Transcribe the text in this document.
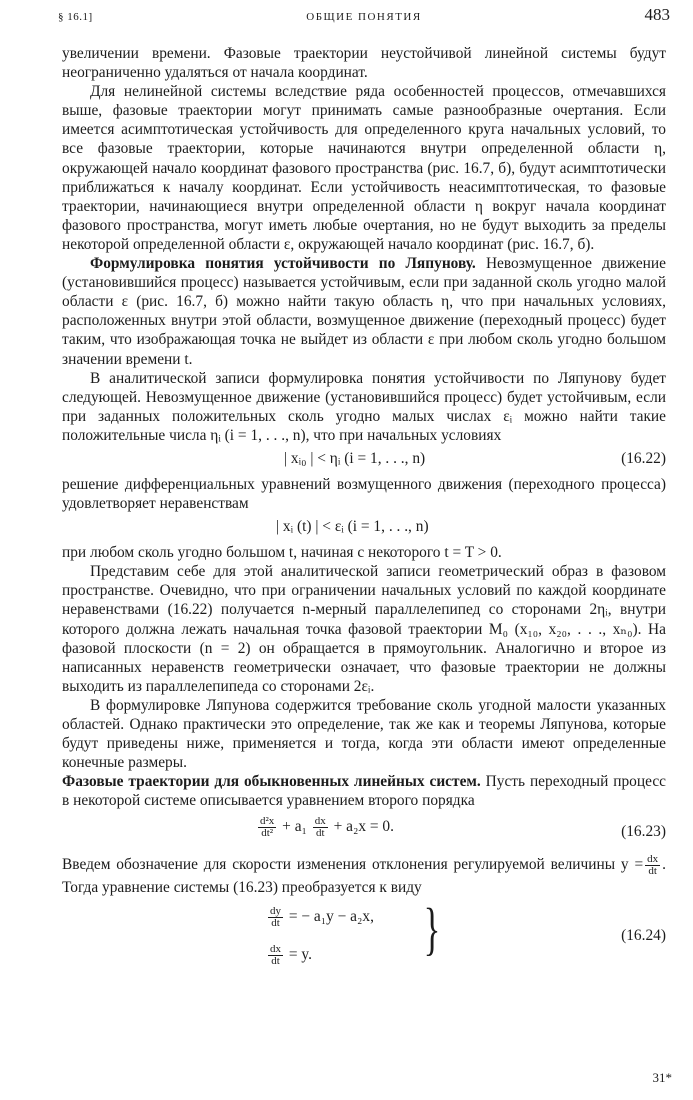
§ 16.1]	ОБЩИЕ ПОНЯТИЯ	483

увеличении времени. Фазовые траектории неустойчивой линейной системы будут неограниченно удаляться от начала координат.

Для нелинейной системы вследствие ряда особенностей процессов, отмечавшихся выше, фазовые траектории могут принимать самые разнообразные очертания. Если имеется асимптотическая устойчивость для определенного круга начальных условий, то все фазовые траектории, которые начинаются внутри определенной области η, окружающей начало координат фазового пространства (рис. 16.7, б), будут асимптотически приближаться к началу координат. Если устойчивость неасимптотическая, то фазовые траектории, начинающиеся внутри определенной области η вокруг начала координат фазового пространства, могут иметь любые очертания, но не будут выходить за пределы некоторой определенной области ε, окружающей начало координат (рис. 16.7, б).

Формулировка понятия устойчивости по Ляпунову. Невозмущенное движение (установившийся процесс) называется устойчивым, если при заданной сколь угодно малой области ε (рис. 16.7, б) можно найти такую область η, что при начальных условиях, расположенных внутри этой области, возмущенное движение (переходный процесс) будет таким, что изображающая точка не выйдет из области ε при любом сколь угодно большом значении времени t.

В аналитической записи формулировка понятия устойчивости по Ляпунову будет следующей. Невозмущенное движение (установившийся процесс) будет устойчивым, если при заданных положительных сколь угодно малых числах εᵢ можно найти такие положительные числа ηᵢ (i = 1, . . ., n), что при начальных условиях

| xᵢ₀ | < ηᵢ (i = 1, . . ., n)	(16.22)

решение дифференциальных уравнений возмущенного движения (переходного процесса) удовлетворяет неравенствам

| xᵢ (t) | < εᵢ (i = 1, . . ., n)

при любом сколь угодно большом t, начиная с некоторого t = T > 0.

Представим себе для этой аналитической записи геометрический образ в фазовом пространстве. Очевидно, что при ограничении начальных условий по каждой координате неравенствами (16.22) получается n-мерный параллелепипед со сторонами 2ηᵢ, внутри которого должна лежать начальная точка фазовой траектории M₀ (x₁₀, x₂₀, . . ., xₙ₀). На фазовой плоскости (n = 2) он обращается в прямоугольник. Аналогично и второе из написанных неравенств геометрически означает, что фазовые траектории не должны выходить из параллелепипеда со сторонами 2εᵢ.

В формулировке Ляпунова содержится требование сколь угодной малости указанных областей. Однако практически это определение, так же как и теоремы Ляпунова, которые будут приведены ниже, применяется и тогда, когда эти области имеют определенные конечные размеры.

Фазовые траектории для обыкновенных линейных систем. Пусть переходный процесс в некоторой системе описывается уравнением второго порядка

$\frac{\text{d²x}}{\text{dt²}} + a_1 \frac{dx}{dt} + a_2x = 0$.	(16.23)

Введем обозначение для скорости изменения отклонения регулируемой величины $y = \frac{dx}{dt}$ . Тогда уравнение системы (16.23) преобразуется к виду

$\frac{dy}{dt}$ = − a₁y − a₂x,
$\frac{dx}{dt} = y$. }	(16.24)
31*
